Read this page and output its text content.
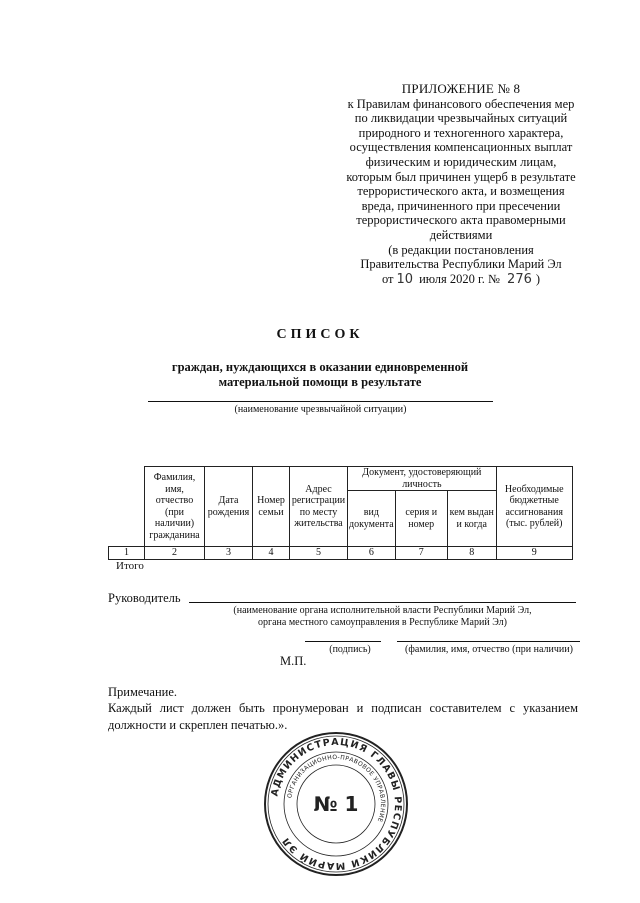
ПРИЛОЖЕНИЕ № 8
к Правилам финансового обеспечения мер
по ликвидации чрезвычайных ситуаций
природного и техногенного характера,
осуществления компенсационных выплат
физическим и юридическим лицам,
которым был причинен ущерб в результате
террористического акта, и возмещения
вреда, причиненного при пресечении
террористического акта правомерными
действиями
(в редакции постановления
Правительства Республики Марий Эл
от 10 июля 2020 г. № 276 )
СПИСОК
граждан, нуждающихся в оказании единовременной материальной помощи в результате
(наименование чрезвычайной ситуации)
	Фамилия, имя, отчество (при наличии) гражданина	Дата рождения	Номер семьи	Адрес регистрации по месту жительства	Документ, удостоверяющий личность			Необходимые бюджетные ассигнования (тыс. рублей)
					вид документа	серия и номер	кем выдан и когда	
1	2	3	4	5	6	7	8	9
Итого
Руководитель
(наименование органа исполнительной власти Республики Марий Эл,
органа местного самоуправления в Республике Марий Эл)
(подпись)	(фамилия, имя, отчество (при наличии)
М.П.
Примечание.
Каждый лист должен быть пронумерован и подписан составителем с указанием должности и скреплен печатью.».
АДМИНИСТРАЦИЯ ГЛАВЫ РЕСПУБЛИКИ МАРИЙ ЭЛ
ОРГАНИЗАЦИОННО-ПРАВОВОЕ УПРАВЛЕНИЕ
№ 1
